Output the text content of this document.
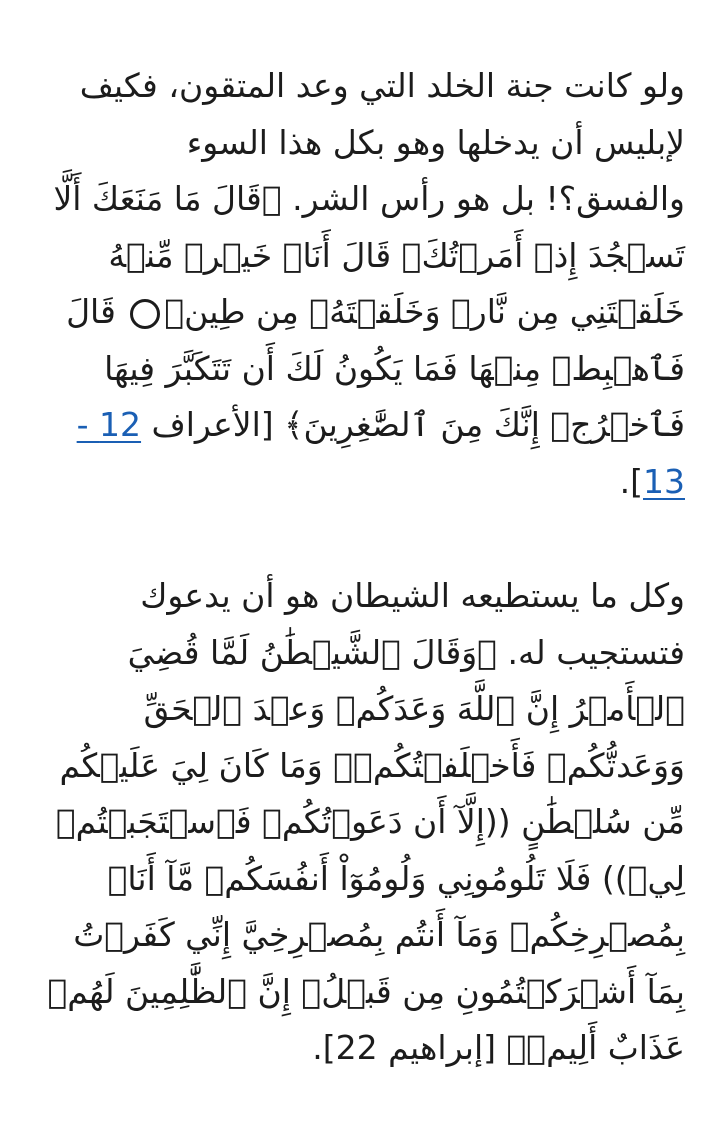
ولو كانت جنة الخلد التي وعد المتقون، فكيف لإبليس أن يدخلها وهو بكل هذا السوء والفسق؟! بل هو رأس الشر. ﴿قَالَ مَا مَنَعَكَ أَلَّا تَسۡجُدَ إِذۡ أَمَرۡتُكَۖ قَالَ أَنَا۠ خَيۡرٞ مِّنۡهُ خَلَقۡتَنِي مِن نَّارٖ وَخَلَقۡتَهُۥ مِن طِينٖ قَالَ فَٱهۡبِطۡ مِنۡهَا فَمَا يَكُونُ لَكَ أَن تَتَكَبَّرَ فِيهَا فَٱخۡرُجۡ إِنَّكَ مِنَ ٱلصَّٰغِرِينَ﴾ [الأعراف 12 - 13].

وكل ما يستطيعه الشيطان هو أن يدعوك فتستجيب له. ﴿وَقَالَ ٱلشَّيۡطَٰنُ لَمَّا قُضِيَ ٱلۡأَمۡرُ إِنَّ ٱللَّهَ وَعَدَكُمۡ وَعۡدَ ٱلۡحَقِّ وَوَعَدتُّكُمۡ فَأَخۡلَفۡتُكُمۡۖ وَمَا كَانَ لِيَ عَلَيۡكُم مِّن سُلۡطَٰنٍ ((إِلَّآ أَن دَعَوۡتُكُمۡ فَٱسۡتَجَبۡتُمۡ لِيۖ)) فَلَا تَلُومُونِي وَلُومُوٓاْ أَنفُسَكُمۖ مَّآ أَنَا۠ بِمُصۡرِخِكُمۡ وَمَآ أَنتُم بِمُصۡرِخِيَّ إِنِّي كَفَرۡتُ بِمَآ أَشۡرَكۡتُمُونِ مِن قَبۡلُۗ إِنَّ ٱلظَّٰلِمِينَ لَهُمۡ عَذَابٌ أَلِيمٞ﴾ [إبراهيم 22].
